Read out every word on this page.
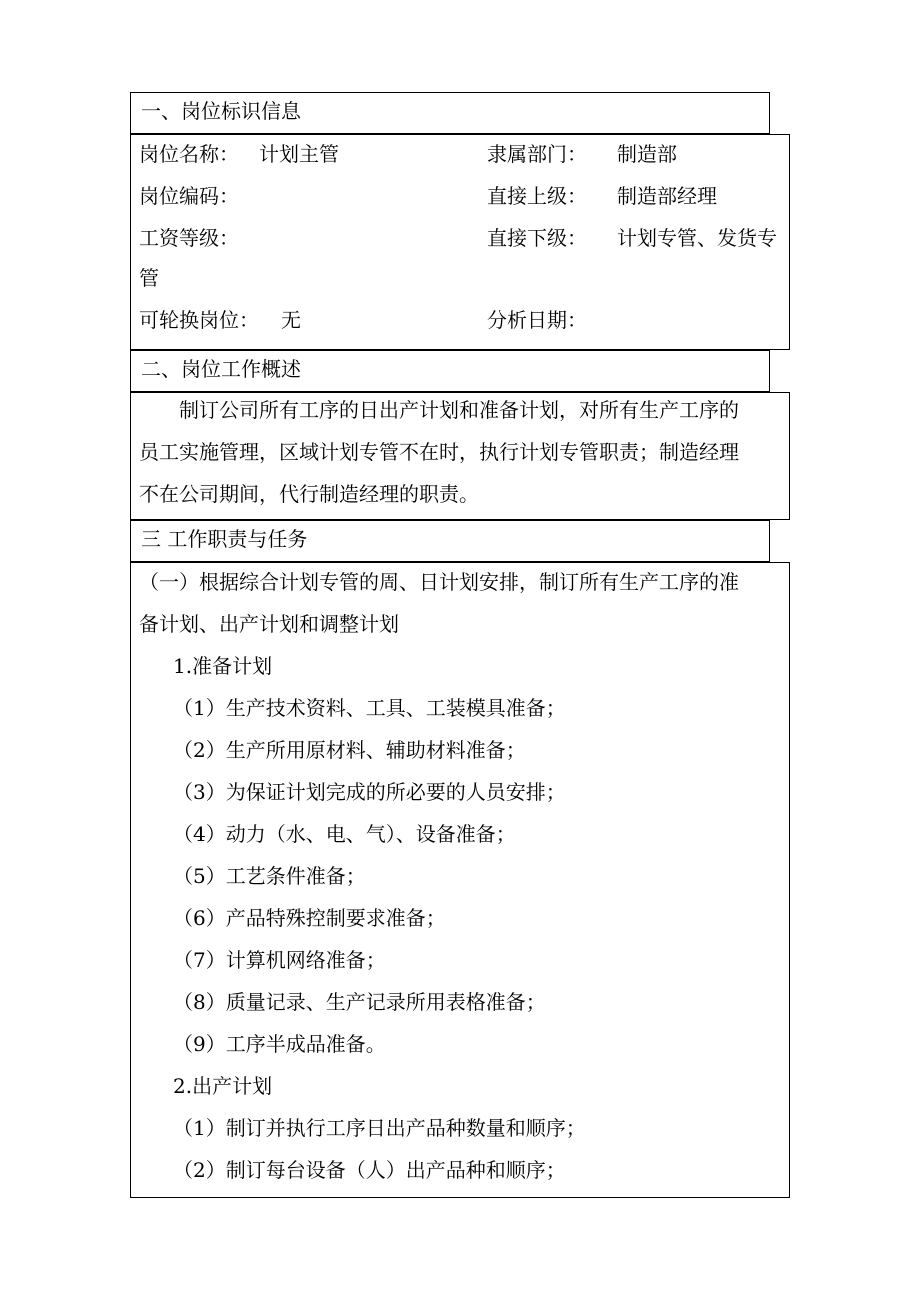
一、岗位标识信息
岗位名称： 计划主管	隶属部门： 制造部
岗位编码：	直接上级： 制造部经理
工资等级：	直接下级： 计划专管、发货专
管
可轮换岗位： 无	分析日期：
二、岗位工作概述
制订公司所有工序的日出产计划和准备计划，对所有生产工序的
员工实施管理，区域计划专管不在时，执行计划专管职责；制造经理
不在公司期间，代行制造经理的职责。
三 工作职责与任务
（一）根据综合计划专管的周、日计划安排，制订所有生产工序的准
备计划、出产计划和调整计划
1.准备计划
（1）生产技术资料、工具、工装模具准备；
（2）生产所用原材料、辅助材料准备；
（3）为保证计划完成的所必要的人员安排；
（4）动力（水、电、气）、设备准备；
（5）工艺条件准备；
（6）产品特殊控制要求准备；
（7）计算机网络准备；
（8）质量记录、生产记录所用表格准备；
（9）工序半成品准备。
2.出产计划
（1）制订并执行工序日出产品种数量和顺序；
（2）制订每台设备（人）出产品种和顺序；
